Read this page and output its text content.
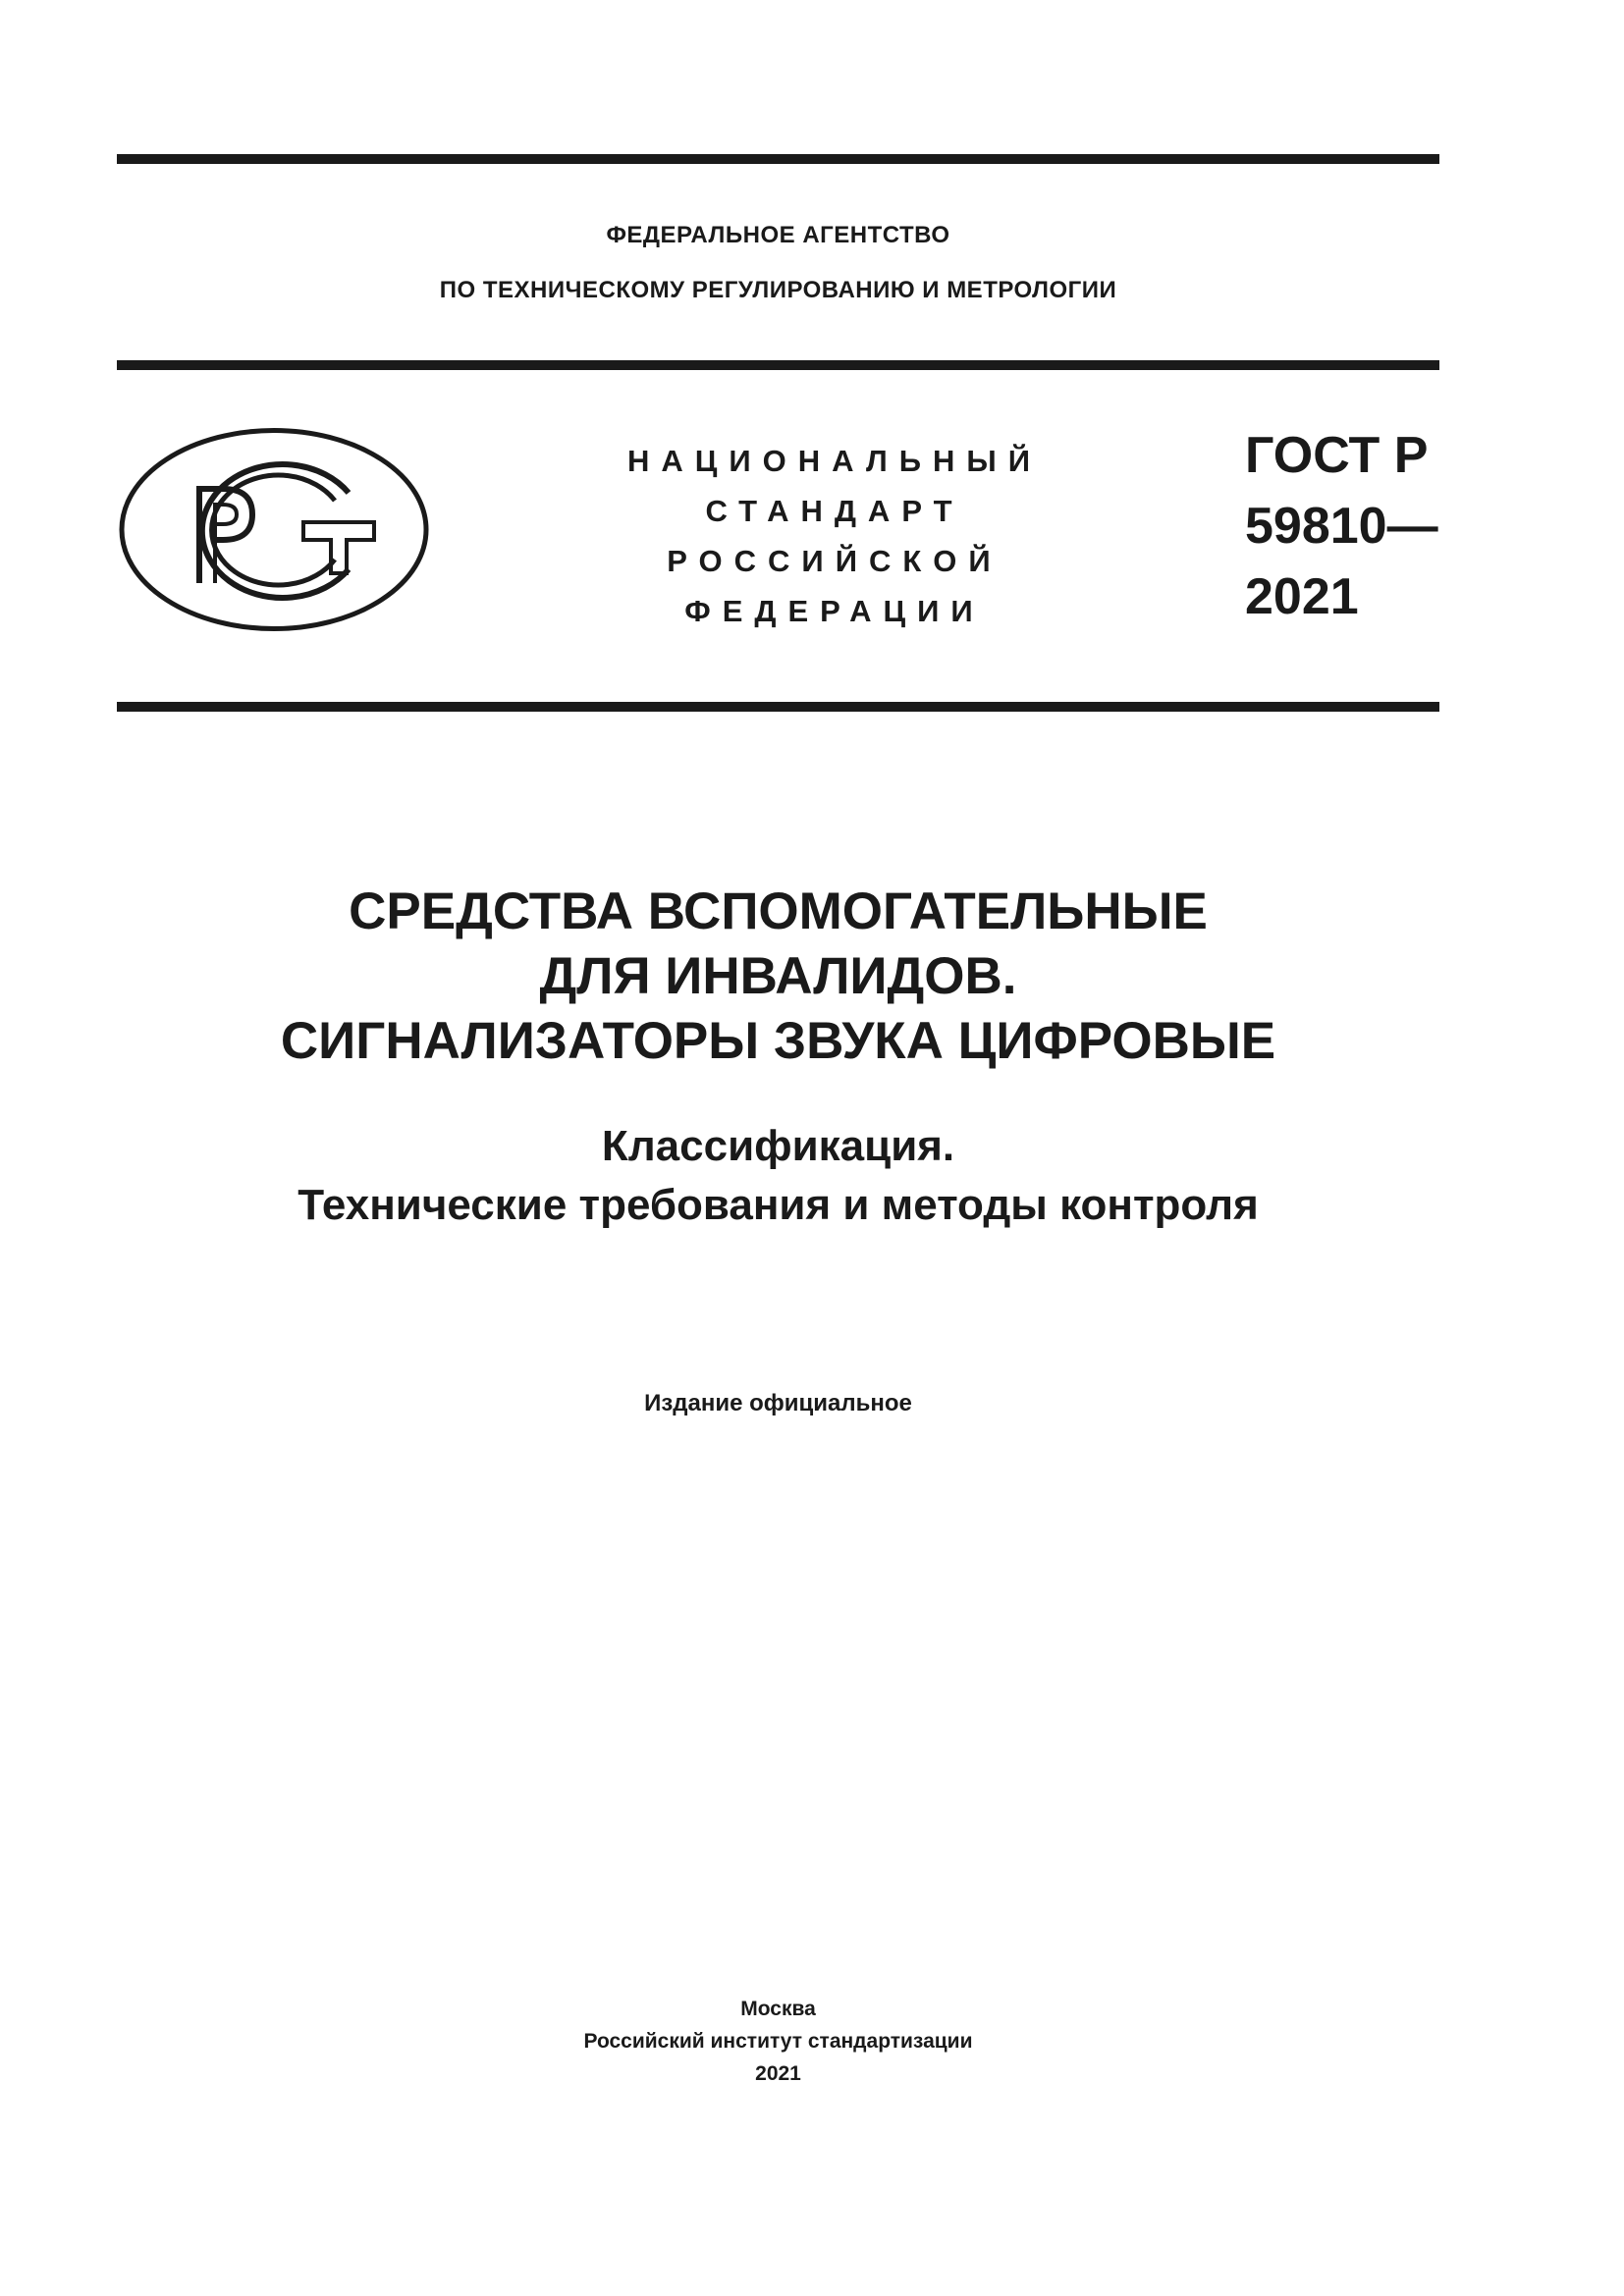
ФЕДЕРАЛЬНОЕ АГЕНТСТВО
ПО ТЕХНИЧЕСКОМУ РЕГУЛИРОВАНИЮ И МЕТРОЛОГИИ
НАЦИОНАЛЬНЫЙ
СТАНДАРТ
РОССИЙСКОЙ
ФЕДЕРАЦИИ
ГОСТ Р
59810—
2021
СРЕДСТВА ВСПОМОГАТЕЛЬНЫЕ
ДЛЯ ИНВАЛИДОВ.
СИГНАЛИЗАТОРЫ ЗВУКА ЦИФРОВЫЕ
Классификация.
Технические требования и методы контроля
Издание официальное
Москва
Российский институт стандартизации
2021
